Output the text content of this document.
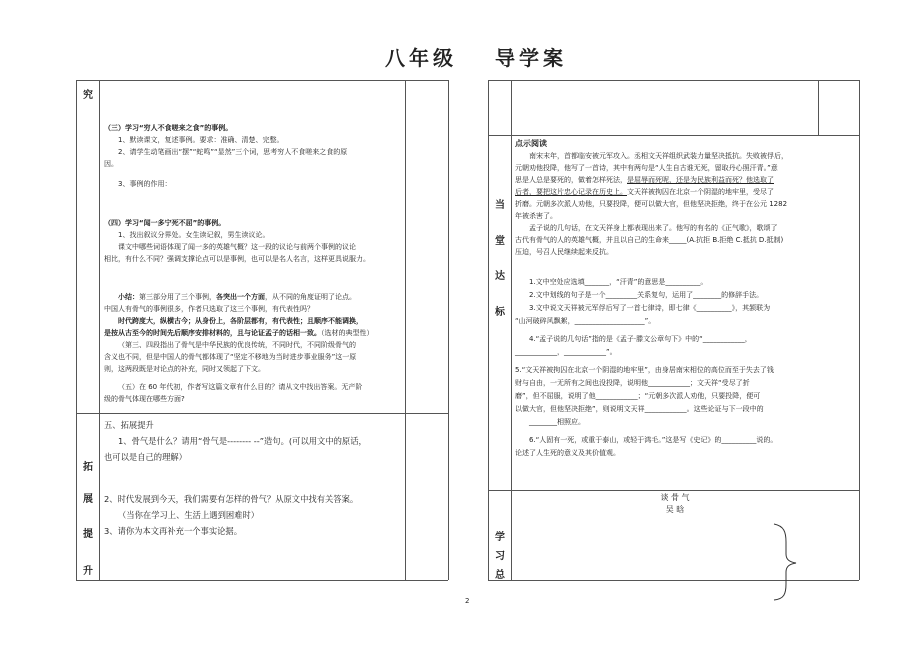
八年级 导学案
究
拓
展
提
升

（三）学习“穷人不食嗟来之食”的事例。

1、默读课文，复述事例。要求：准确、清楚、完整。

2、请学生动笔画出“摆”“蛇鸣”“显然”三个词，思考穷人不食嗟来之食的原

因。

3、事例的作用：

（四）学习“闻一多宁死不屈”的事例。

1、找出叙议分界处。女生读记叙，男生读议论。

课文中哪些词语体现了闻一多的英雄气概？这一段的议论与前两个事例的议论

相比，有什么不同？强调支撑论点可以是事例，也可以是名人名言，这样更具说服力。

小结：第三部分用了三个事例，各突出一个方面，从不同的角度证明了论点。

中国人有骨气的事例很多，作者只选取了这三个事例，有代表性吗？

时代跨度大，纵横古今；从身份上，各阶层都有，有代表性；且顺序不能调换，

是按从古至今的时间先后顺序安排材料的，且与论证孟子的话相一致。（选材的典型性）

（第三、四段指出了骨气是中华民族的优良传统，不同时代，不同阶级骨气的

含义也不同，但是中国人的骨气都体现了“坚定不移地为当时进步事业服务”这一原

则，这两段既是对论点的补充，同时又领起了下文。

（五）在 60 年代初，作者写这篇文章有什么目的？请从文中找出答案。无产阶

级的骨气体现在哪些方面?

五、拓展提升

1、骨气是什么？请用“骨气是-------- --”造句。(可以用文中的原话，

也可以是自己的理解）

2、时代发展到今天，我们需要有怎样的骨气？从原文中找有关答案。

（当你在学习上、生活上遇到困难时）

3、请你为本文再补充一个事实论据。

当
堂
达
标
学
习
总

点示阅读

南宋末年，首都临安被元军攻入。丞相文天祥组织武装力量坚决抵抗。失败被俘后，

元朝劝他投降，他写了一首诗，其中有两句是“人生自古谁无死，留取丹心照汗青。”意

思是人总是要死的，做着怎样死法，是屈辱而死呢，还是为民族利益而死？他选取了

后者，要把这片忠心记录在历史上。文天祥被拘囚在北京一个阴湿的地牢里，受尽了

折磨。元朝多次派人劝他，只要投降，便可以做大官，但他坚决拒绝，终于在公元 1282

年被杀害了。

孟子说的几句话，在文天祥身上都表现出来了。他写的有名的《正气歌》，歌颂了

古代有骨气的人的英雄气概，并且以自己的生命来_____(A.抗拒 B.拒绝 C.抵抗 D.抵制)

压迫，号召人民继续起来反抗。

1.文中空处应选填_______，“汗青”的意思是__________。

2.文中划线的句子是一个_________关系复句，运用了________的修辞手法。

3.文中说文天祥被元军俘后写了一首七律诗，即七律《__________》，其颔联为

“山河破碎风飘絮，____________________”。

4.“孟子说的几句话”指的是《孟子·滕文公章句下》中的“____________，

____________，____________”。

5.“文天祥被拘囚在北京一个阴湿的地牢里”，由身居南宋相位的高位而至于失去了钱

财与自由，一无所有之间也没投降，说明他____________；文天祥“受尽了折

磨”，但不屈服，说明了他____________；“元朝多次派人劝他，只要投降，便可

以做大官，但他坚决拒绝”，则说明文天祥____________。这些论证与下一段中的

________相照应。

6.“人固有一死，或重于泰山，或轻于鸿毛。”这是写《史记》的__________说的。

论述了人生死的意义及其价值观。

谈 骨 气
吴 晗
2
